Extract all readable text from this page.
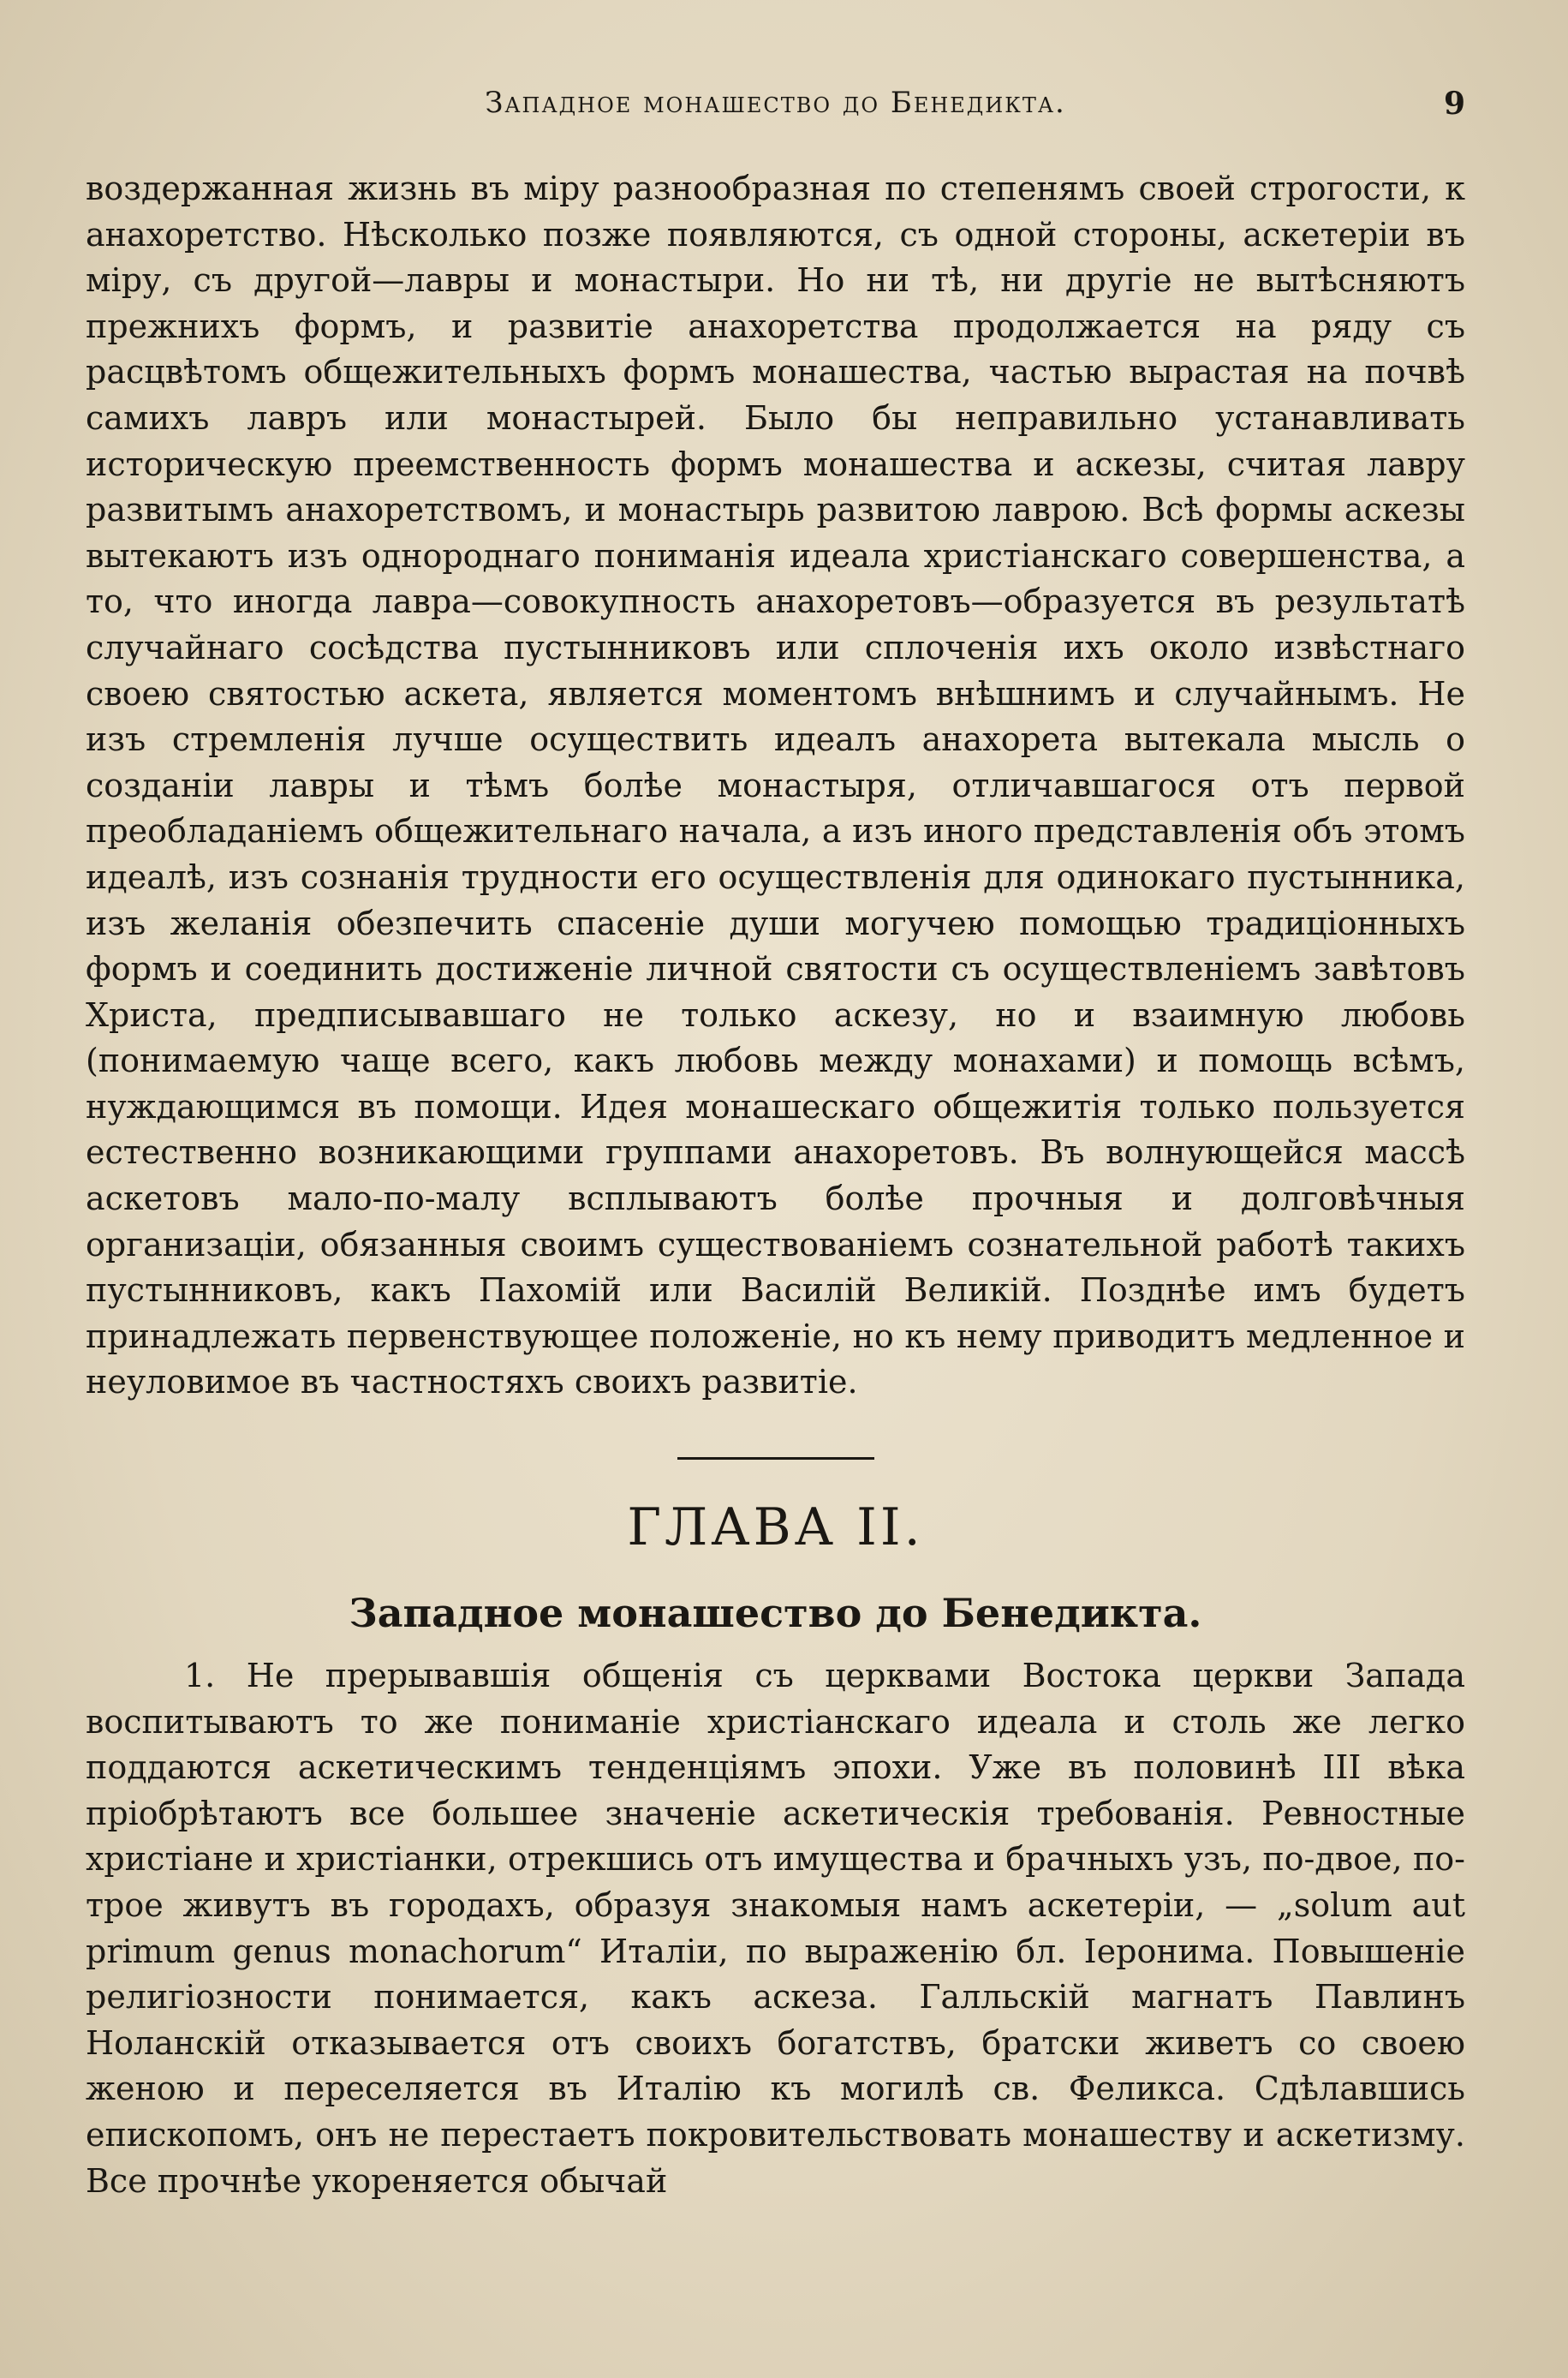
Западное монашество до Бенедикта.	9

воздержанная жизнь въ мiру разнообразная по степенямъ своей строгости, к анахоретство. Нѣсколько позже появляются, съ одной стороны, аскетерiи въ мiру, съ другой—лавры и монастыри. Но ни тѣ, ни другiе не вытѣсняютъ прежнихъ формъ, и развитiе анахоретства продолжается на ряду съ расцвѣтомъ общежительныхъ формъ монашества, частью вырастая на почвѣ самихъ лавръ или монастырей. Было бы неправильно устанавливать историческую преемственность формъ монашества и аскезы, считая лавру развитымъ анахоретствомъ, и монастырь развитою лаврою. Всѣ формы аскезы вытекаютъ изъ однороднаго пониманiя идеала христiанскаго совершенства, а то, что иногда лавра—совокупность анахоретовъ—образуется въ результатѣ случайнаго сосѣдства пустынниковъ или сплоченiя ихъ около извѣстнаго своею святостью аскета, является моментомъ внѣшнимъ и случайнымъ. Не изъ стремленiя лучше осуществить идеалъ анахорета вытекала мысль о созданiи лавры и тѣмъ болѣе монастыря, отличавшагося отъ первой преобладанiемъ общежительнаго начала, а изъ иного представленiя объ этомъ идеалѣ, изъ сознанiя трудности его осуществленiя для одинокаго пустынника, изъ желанiя обезпечить спасенiе души могучею помощью традицiонныхъ формъ и соединить достиженiе личной святости съ осуществленiемъ завѣтовъ Христа, предписывавшаго не только аскезу, но и взаимную любовь (понимаемую чаще всего, какъ любовь между монахами) и помощь всѣмъ, нуждающимся въ помощи. Идея монашескаго общежитiя только пользуется естественно возникающими группами анахоретовъ. Въ волнующейся массѣ аскетовъ мало-по-малу всплываютъ болѣе прочныя и долговѣчныя организацiи, обязанныя своимъ существованiемъ сознательной работѣ такихъ пустынниковъ, какъ Пахомiй или Василiй Великiй. Позднѣе имъ будетъ принадлежать первенствующее положенiе, но къ нему приводитъ медленное и неуловимое въ частностяхъ своихъ развитiе.

ГЛАВА II.
Западное монашество до Бенедикта.

1. Не прерывавшiя общенiя съ церквами Востока церкви Запада воспитываютъ то же пониманiе христiанскаго идеала и столь же легко поддаются аскетическимъ тенденцiямъ эпохи. Уже въ половинѣ III вѣка прiобрѣтаютъ все большее значенiе аскетическiя требованiя. Ревностные христiане и христiанки, отрекшись отъ имущества и брачныхъ узъ, по-двое, по-трое живутъ въ городахъ, образуя знакомыя намъ аскетерiи, — „solum aut primum genus monachorum“ Италiи, по выраженiю бл. Iеронима. Повышенiе религiозности понимается, какъ аскеза. Галльскiй магнатъ Павлинъ Ноланскiй отказывается отъ своихъ богатствъ, братски живетъ со своею женою и переселяется въ Италiю къ могилѣ св. Феликса. Сдѣлавшись епископомъ, онъ не перестаетъ покровительствовать монашеству и аскетизму. Все прочнѣе укореняется обычай
